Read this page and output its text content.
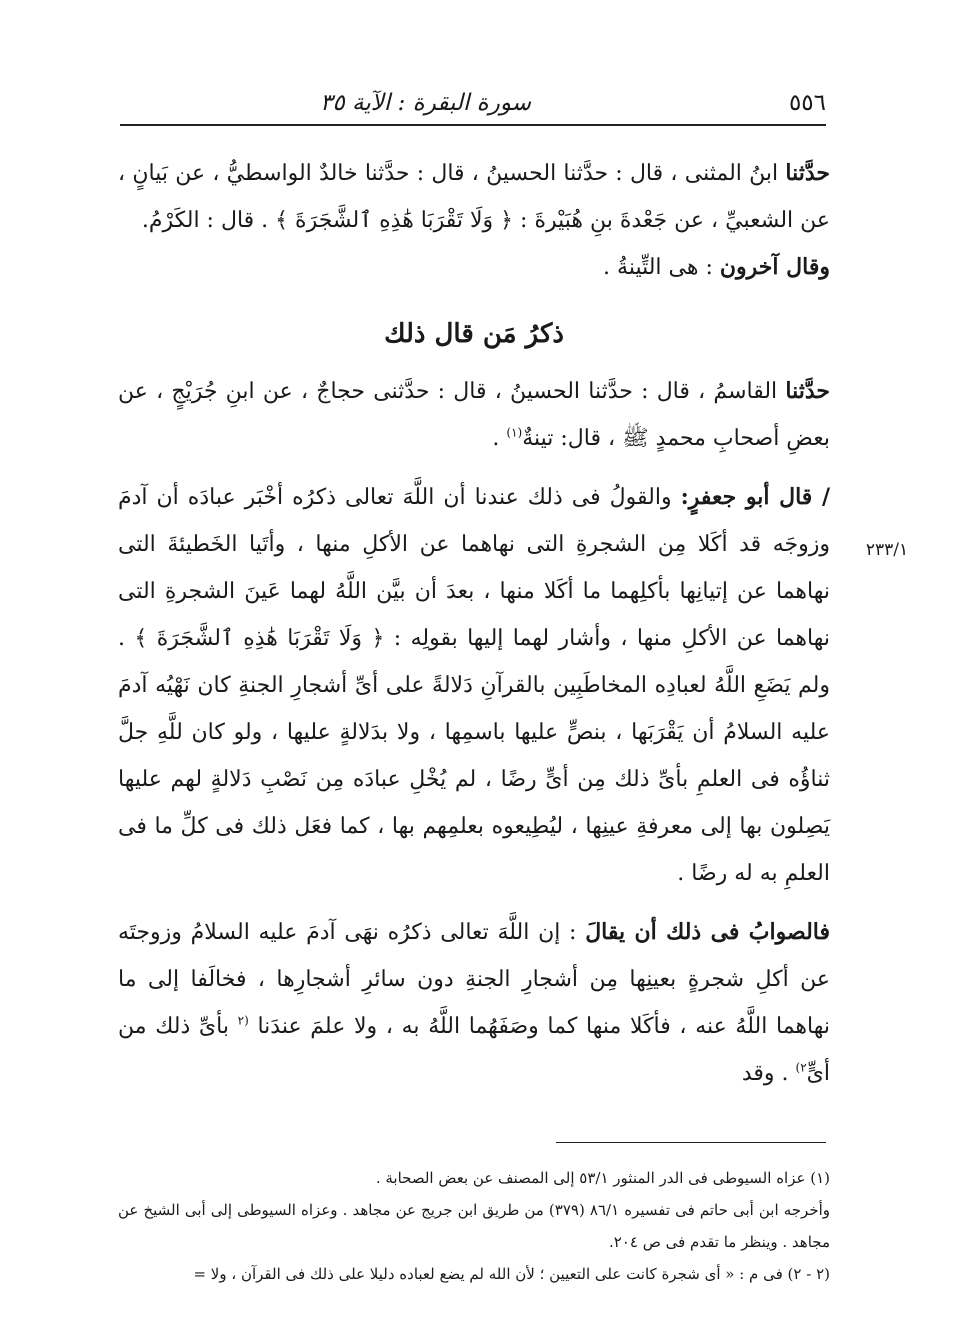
٥٥٦
سورة البقرة : الآية ٣٥
٢٣٣/١

حدَّثنا ابنُ المثنى ، قال : حدَّثنا الحسينُ ، قال : حدَّثنا خالدٌ الواسطيُّ ، عن بَيانٍ ، عن الشعبيِّ ، عن جَعْدةَ بنِ هُبَيْرةَ : ﴿ وَلَا تَقْرَبَا هَٰذِهِ ٱلشَّجَرَةَ ﴾ . قال : الكَرْمُ.

وقال آخرون : هى التِّينةُ .

ذكرُ مَن قال ذلك

حدَّثنا القاسمُ ، قال : حدَّثنا الحسينُ ، قال : حدَّثنى حجاجٌ ، عن ابنِ جُرَيْجٍ ، عن بعضِ أصحابِ محمدٍ ﷺ ، قال: تينةٌ$^{(١)}$ .

/ قال أبو جعفرٍ: والقولُ فى ذلك عندنا أن اللَّهَ تعالى ذكرُه أخْبَر عبادَه أن آدمَ وزوجَه قد أكَلا مِن الشجرةِ التى نهاهما عن الأكلِ منها ، وأتَيا الخَطيئةَ التى نهاهما عن إتيانِها بأكلِهما ما أكَلا منها ، بعدَ أن بيَّن اللَّهُ لهما عَينَ الشجرةِ التى نهاهما عن الأكلِ منها ، وأشار لهما إليها بقولِه : ﴿ وَلَا تَقْرَبَا هَٰذِهِ ٱلشَّجَرَةَ ﴾ . ولم يَضَعِ اللَّهُ لعبادِه المخاطَبِين بالقرآنِ دَلالةً على أىِّ أشجارِ الجنةِ كان نَهْيُه آدمَ عليه السلامُ أن يَقْرَبَها ، بنصٍّ عليها باسمِها ، ولا بدَلالةٍ عليها ، ولو كان للَّهِ جلَّ ثناؤُه فى العلمِ بأىِّ ذلك مِن أىٍّ رضًا ، لم يُخْلِ عبادَه مِن نَصْبِ دَلالةٍ لهم عليها يَصِلون بها إلى معرفةِ عينِها ، ليُطِيعوه بعلمِهم بها ، كما فعَل ذلك فى كلِّ ما فى العلمِ به له رضًا .

فالصوابُ فى ذلك أن يقالَ : إن اللَّهَ تعالى ذكرُه نهَى آدمَ عليه السلامُ وزوجتَه عن أكلِ شجرةٍ بعينِها مِن أشجارِ الجنةِ دون سائرِ أشجارِها ، فخالَفا إلى ما نهاهما اللَّهُ عنه ، فأكَلا منها كما وصَفَهُما اللَّهُ به ، ولا علمَ عندَنا $^{(٢}$ بأىِّ ذلك من أىٍّ$^{٢)}$ . وقد

(١) عزاه السيوطى فى الدر المنثور ٥٣/١ إلى المصنف عن بعض الصحابة .

وأخرجه ابن أبى حاتم فى تفسيره ٨٦/١ (٣٧٩) من طريق ابن جريج عن مجاهد . وعزاه السيوطى إلى أبى الشيخ عن مجاهد . وينظر ما تقدم فى ص ٢٠٤.

(٢ - ٢) فى م : « أى شجرة كانت على التعيين ؛ لأن الله لم يضع لعباده دليلا على ذلك فى القرآن ، ولا =
